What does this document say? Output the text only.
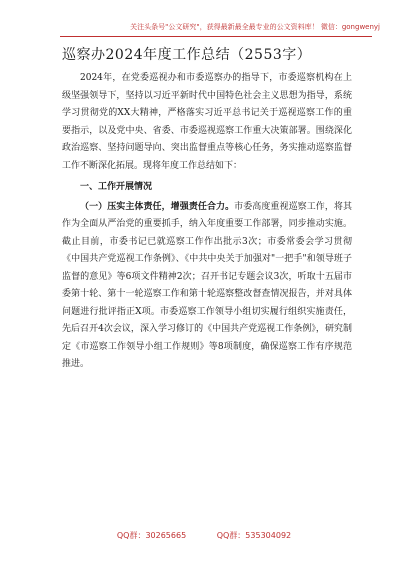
关注头条号"公文研究"，获得最新最全最专业的公文资料库！ 微信：gongwenyj
巡察办2024年度工作总结（2553字）

2024年，在党委巡视办和市委巡察办的指导下，市委巡察机构在上级坚强领导下，坚持以习近平新时代中国特色社会主义思想为指导，系统学习贯彻党的XX大精神，严格落实习近平总书记关于巡视巡察工作的重要指示，以及党中央、省委、市委巡视巡察工作重大决策部署。围绕深化政治巡察、坚持问题导向、突出监督重点等核心任务，务实推动巡察监督工作不断深化拓展。现将年度工作总结如下：

一、工作开展情况

（一）压实主体责任，增强责任合力。市委高度重视巡察工作，将其作为全面从严治党的重要抓手，纳入年度重要工作部署，同步推动实施。截止目前，市委书记已就巡察工作作出批示3次；市委常委会学习贯彻《中国共产党巡视工作条例》、《中共中央关于加强对"一把手"和领导班子监督的意见》等6项文件精神2次；召开书记专题会议3次，听取十五届市委第十轮、第十一轮巡察工作和第十轮巡察整改督查情况报告，并对具体问题进行批评指正X项。市委巡察工作领导小组切实履行组织实施责任，先后召开4次会议，深入学习修订的《中国共产党巡视工作条例》，研究制定《市巡察工作领导小组工作规则》等8项制度，确保巡察工作有序规范推进。

QQ群：30265665	QQ群：535304092
